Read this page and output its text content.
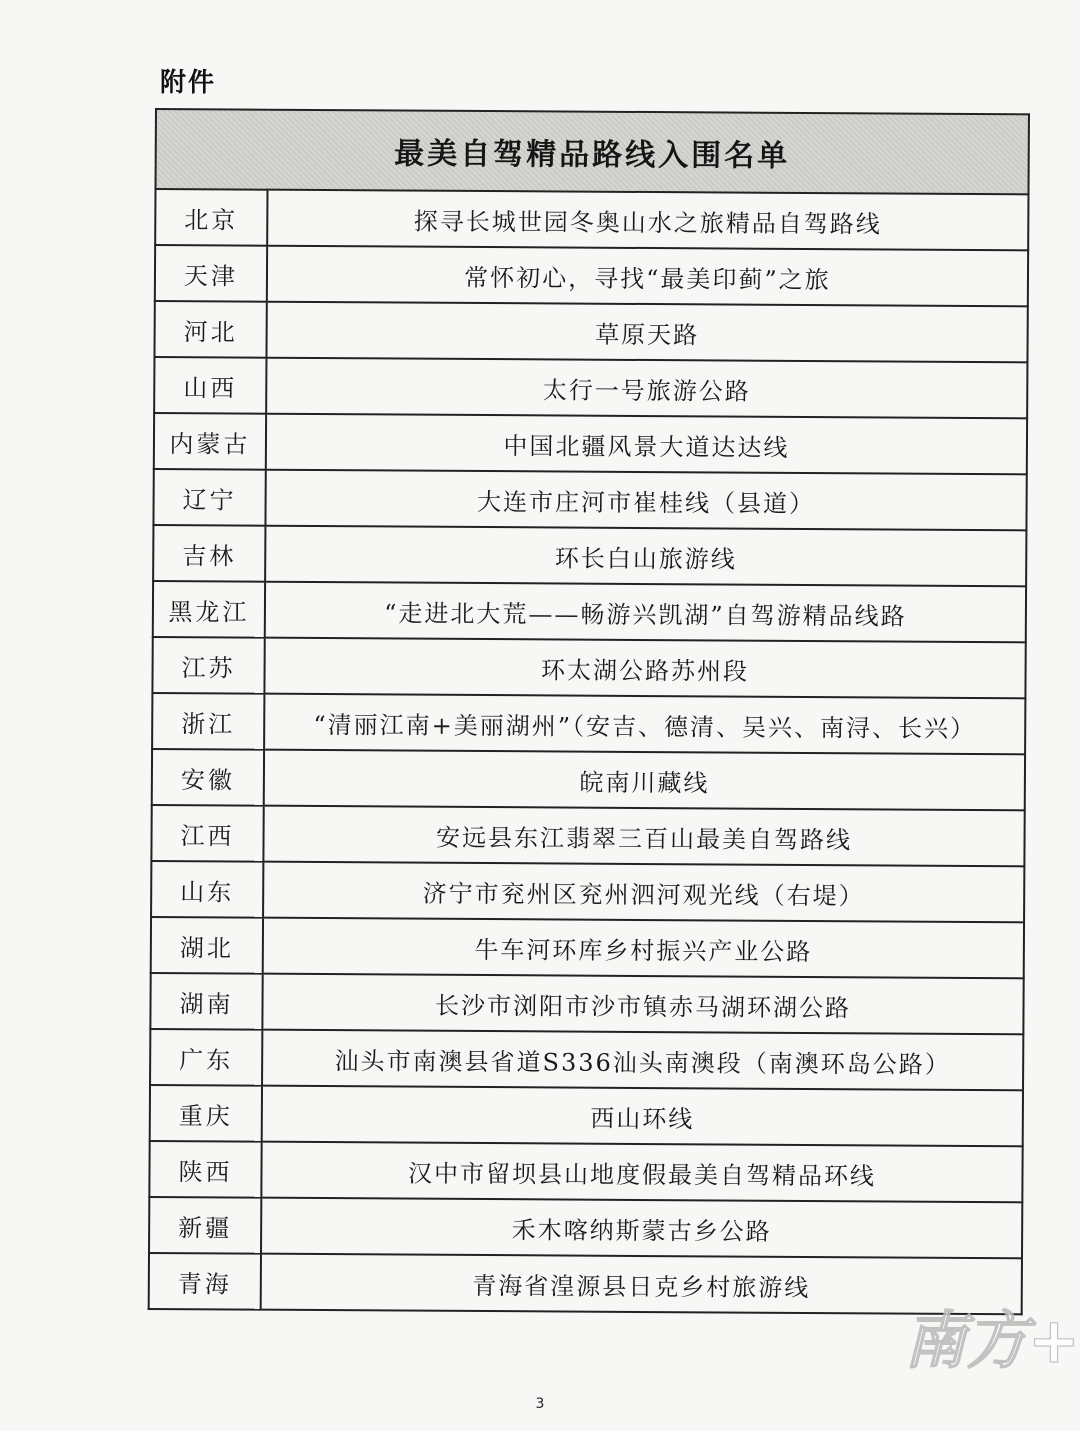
附件
最美自驾精品路线入围名单	
北京	探寻长城世园冬奥山水之旅精品自驾路线
天津	常怀初心，寻找“最美印蓟”之旅
河北	草原天路
山西	太行一号旅游公路
内蒙古	中国北疆风景大道达达线
辽宁	大连市庄河市崔桂线（县道）
吉林	环长白山旅游线
黑龙江	“走进北大荒——畅游兴凯湖”自驾游精品线路
江苏	环太湖公路苏州段
浙江	“清丽江南+美丽湖州”（安吉、德清、吴兴、南浔、长兴）
安徽	皖南川藏线
江西	安远县东江翡翠三百山最美自驾路线
山东	济宁市兖州区兖州泗河观光线（右堤）
湖北	牛车河环库乡村振兴产业公路
湖南	长沙市浏阳市沙市镇赤马湖环湖公路
广东	汕头市南澳县省道S336汕头南澳段（南澳环岛公路）
重庆	西山环线
陕西	汉中市留坝县山地度假最美自驾精品环线
新疆	禾木喀纳斯蒙古乡公路
青海	青海省湟源县日克乡村旅游线
3
南方+
